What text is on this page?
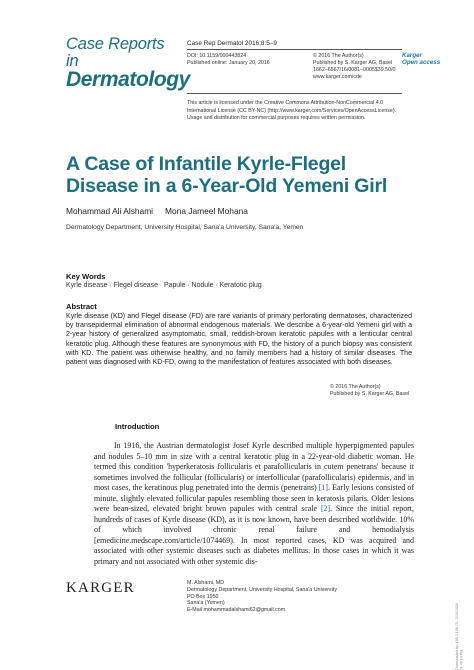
Case Reports in
Dermatology
Case Rep Dermatol 2016;8:5–9
DOI: 10.1159/000443824
Published online: January 20, 2016
© 2016 The Author(s)
Published by S. Karger AG, Basel
1662–6567/16/0081–0005$39.50/0
www.karger.com/cde
Karger
Open access
This article is licensed under the Creative Commons Attribution-NonCommercial 4.0
International License (CC BY-NC) (http://www.karger.com/Services/OpenAccessLicense).
Usage and distribution for commercial purposes requires written permission.
A Case of Infantile Kyrle-Flegel Disease in a 6-Year-Old Yemeni Girl
Mohammad Ali Alshami Mona Jameel Mohana
Dermatology Department, University Hospital, Sana'a University, Sana'a, Yemen
Key Words
Kyrle disease · Flegel disease · Papule · Nodule · Keratotic plug
Abstract
Kyrle disease (KD) and Flegel disease (FD) are rare variants of primary perforating dermatoses, characterized by transepidermal elimination of abnormal endogenous materials. We describe a 6-year-old Yemeni girl with a 2-year history of generalized asymptomatic, small, reddish-brown keratotic papules with a lenticular central keratotic plug. Although these features are synonymous with FD, the history of a punch biopsy was consistent with KD. The patient was otherwise healthy, and no family members had a history of similar diseases. The patient was diagnosed with KD-FD, owing to the manifestation of features associated with both diseases.
© 2016 The Author(s)
Published by S. Karger AG, Basel
Introduction

In 1916, the Austrian dermatologist Josef Kyrle described multiple hyperpigmented papules and nodules 5–10 mm in size with a central keratotic plug in a 22-year-old diabetic woman. He termed this condition 'hyperkeratosis follicularis et parafollicularis in cutem penetrans' because it sometimes involved the follicular (follicularis) or interfollicular (parafollicularis) epidermis, and in most cases, the keratinous plug penetrated into the dermis (penetrans) [1]. Early lesions consisted of minute, slightly elevated follicular papules resembling those seen in keratosis pilaris. Older lesions were bean-sized, elevated bright brown papules with central scale [2]. Since the initial report, hundreds of cases of Kyrle disease (KD), as it is now known, have been described worldwide. 10% of which involved chronic renal failure and hemodialysis [emedicine.medscape.com/article/1074469). In most reported cases, KD was acquired and associated with other systemic diseases such as diabetes mellitus. In those cases in which it was primary and not associated with other systemic dis-

KARGER	M. Alshami, MD
Dermatology Department, University Hospital, Sana'a University
PO Box 1950
Sana'a (Yemen)
E-Mail mohammadalshami62@gmail.com	Downloaded by: 190.2.158.70 - 1/20/2016 11:46:10 PM
